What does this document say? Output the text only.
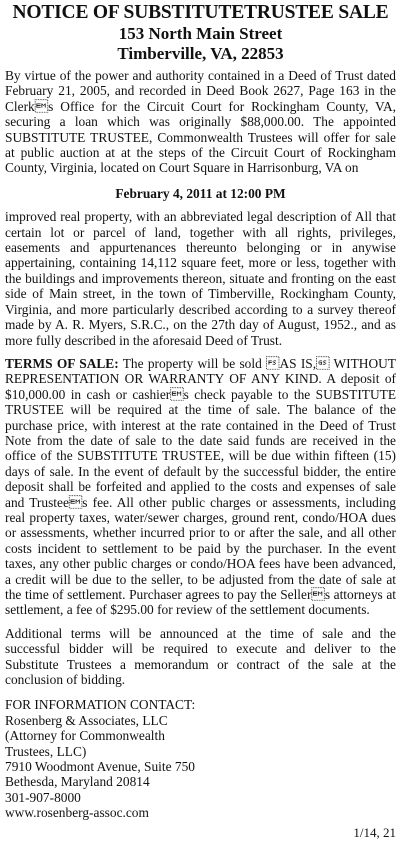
NOTICE OF SUBSTITUTETRUSTEE SALE
153 North Main Street
Timberville, VA, 22853

By virtue of the power and authority contained in a Deed of Trust dated February 21, 2005, and recorded in Deed Book 2627, Page 163 in the Clerks Office for the Circuit Court for Rockingham County, VA, securing a loan which was originally $88,000.00. The appointed SUBSTITUTE TRUSTEE, Commonwealth Trustees will offer for sale at public auction at at the steps of the Circuit Court of Rockingham County, Virginia, located on Court Square in Harrisonburg, VA on

February 4, 2011 at 12:00 PM

improved real property, with an abbreviated legal description of All that certain lot or parcel of land, together with all rights, privileges, easements and appurtenances thereunto belonging or in anywise appertaining, containing 14,112 square feet, more or less, together with the buildings and improvements thereon, situate and fronting on the east side of Main street, in the town of Timberville, Rockingham County, Virginia, and more particularly described according to a survey thereof made by A. R. Myers, S.R.C., on the 27th day of August, 1952., and as more fully described in the aforesaid Deed of Trust.

TERMS OF SALE: The property will be sold AS IS, WITHOUT REPRESENTATION OR WARRANTY OF ANY KIND. A deposit of $10,000.00 in cash or cashiers check payable to the SUBSTITUTE TRUSTEE will be required at the time of sale. The balance of the purchase price, with interest at the rate contained in the Deed of Trust Note from the date of sale to the date said funds are received in the office of the SUBSTITUTE TRUSTEE, will be due within fifteen (15) days of sale. In the event of default by the successful bidder, the entire deposit shall be forfeited and applied to the costs and expenses of sale and Trustees fee. All other public charges or assessments, including real property taxes, water/sewer charges, ground rent, condo/HOA dues or assessments, whether incurred prior to or after the sale, and all other costs incident to settlement to be paid by the purchaser. In the event taxes, any other public charges or condo/HOA fees have been advanced, a credit will be due to the seller, to be adjusted from the date of sale at the time of settlement. Purchaser agrees to pay the Sellers attorneys at settlement, a fee of $295.00 for review of the settlement documents.

Additional terms will be announced at the time of sale and the successful bidder will be required to execute and deliver to the Substitute Trustees a memorandum or contract of the sale at the conclusion of bidding.

FOR INFORMATION CONTACT:
Rosenberg & Associates, LLC
(Attorney for Commonwealth
Trustees, LLC)
7910 Woodmont Avenue, Suite 750
Bethesda, Maryland 20814
301-907-8000
www.rosenberg-assoc.com
1/14, 21
